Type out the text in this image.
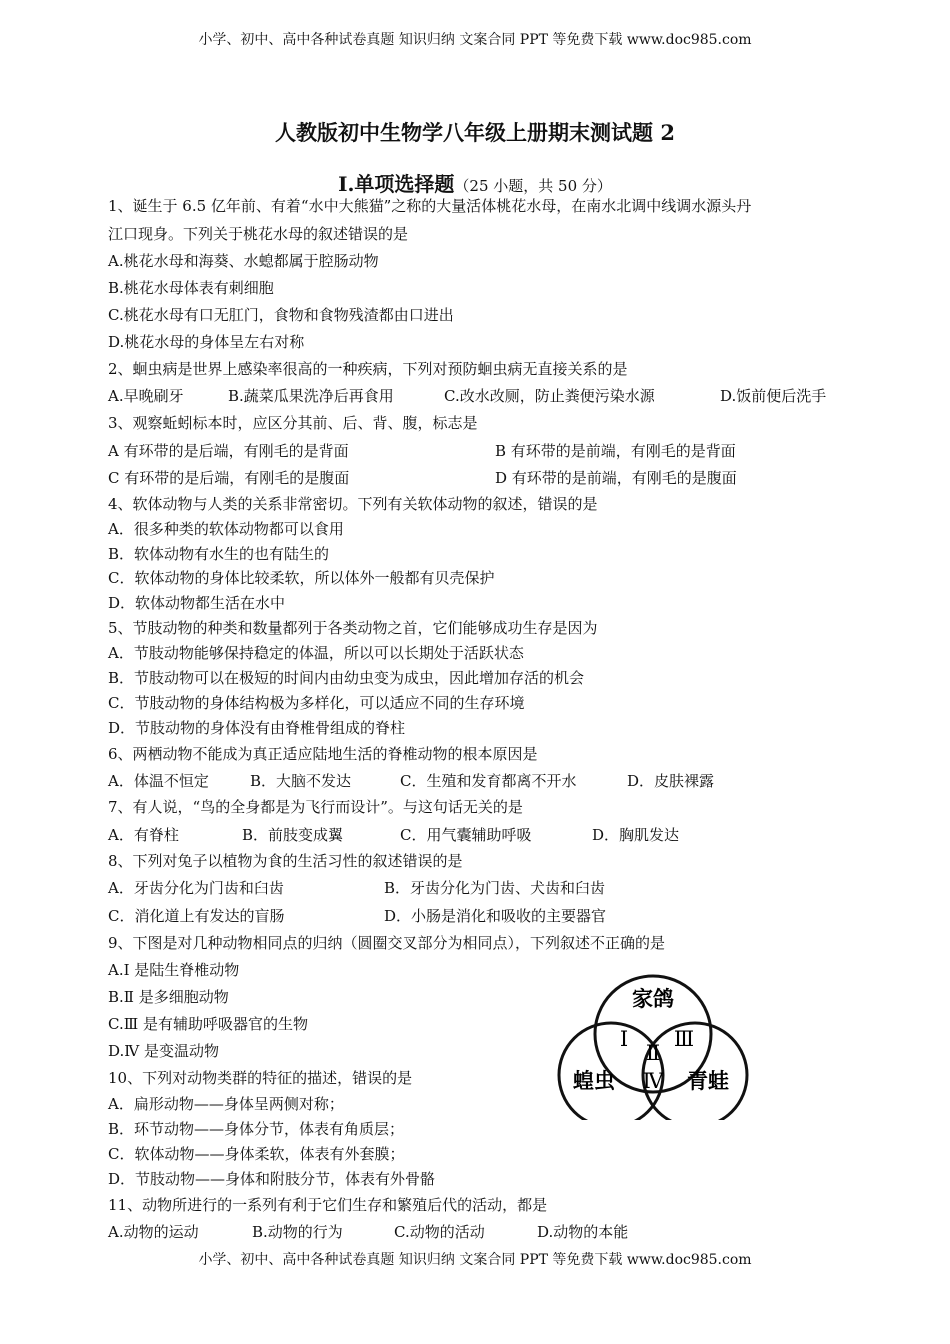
小学、初中、高中各种试卷真题 知识归纳 文案合同 PPT 等免费下载 www.doc985.com
人教版初中生物学八年级上册期末测试题 2
Ⅰ.单项选择题（25 小题，共 50 分）
1、诞生于 6.5 亿年前、有着“水中大熊猫”之称的大量活体桃花水母，在南水北调中线调水源头丹
江口现身。下列关于桃花水母的叙述错误的是
A.桃花水母和海葵、水螅都属于腔肠动物
B.桃花水母体表有刺细胞
C.桃花水母有口无肛门，食物和食物残渣都由口进出
D.桃花水母的身体呈左右对称
2、蛔虫病是世界上感染率很高的一种疾病，下列对预防蛔虫病无直接关系的是
A.早晚刷牙	B.蔬菜瓜果洗净后再食用	C.改水改厕，防止粪便污染水源	D.饭前便后洗手
3、观察蚯蚓标本时，应区分其前、后、背、腹，标志是
A 有环带的是后端，有刚毛的是背面	B 有环带的是前端，有刚毛的是背面
C 有环带的是后端，有刚毛的是腹面	D 有环带的是前端，有刚毛的是腹面
4、软体动物与人类的关系非常密切。下列有关软体动物的叙述，错误的是
A．很多种类的软体动物都可以食用
B．软体动物有水生的也有陆生的
C．软体动物的身体比较柔软，所以体外一般都有贝壳保护
D．软体动物都生活在水中
5、节肢动物的种类和数量都列于各类动物之首，它们能够成功生存是因为
A．节肢动物能够保持稳定的体温，所以可以长期处于活跃状态
B．节肢动物可以在极短的时间内由幼虫变为成虫，因此增加存活的机会
C．节肢动物的身体结构极为多样化，可以适应不同的生存环境
D．节肢动物的身体没有由脊椎骨组成的脊柱
6、两栖动物不能成为真正适应陆地生活的脊椎动物的根本原因是
A．体温不恒定	B．大脑不发达	C．生殖和发育都离不开水	D．皮肤裸露
7、有人说，“鸟的全身都是为飞行而设计”。与这句话无关的是
A．有脊柱	B．前肢变成翼	C．用气囊辅助呼吸	D．胸肌发达
8、下列对兔子以植物为食的生活习性的叙述错误的是
A．牙齿分化为门齿和臼齿	B．牙齿分化为门齿、犬齿和臼齿
C．消化道上有发达的盲肠	D．小肠是消化和吸收的主要器官
9、下图是对几种动物相同点的归纳（圆圈交叉部分为相同点），下列叙述不正确的是
A.Ⅰ 是陆生脊椎动物
B.Ⅱ 是多细胞动物
C.Ⅲ 是有辅助呼吸器官的生物
D.Ⅳ 是变温动物
家鸽
蝗虫	青蛙
Ⅰ
Ⅱ
Ⅲ
Ⅳ
10、下列对动物类群的特征的描述，错误的是
A．扁形动物——身体呈两侧对称；
B．环节动物——身体分节，体表有角质层；
C．软体动物——身体柔软，体表有外套膜；
D．节肢动物——身体和附肢分节，体表有外骨骼
11、动物所进行的一系列有利于它们生存和繁殖后代的活动，都是
A.动物的运动	B.动物的行为	C.动物的活动	D.动物的本能
小学、初中、高中各种试卷真题 知识归纳 文案合同 PPT 等免费下载 www.doc985.com
